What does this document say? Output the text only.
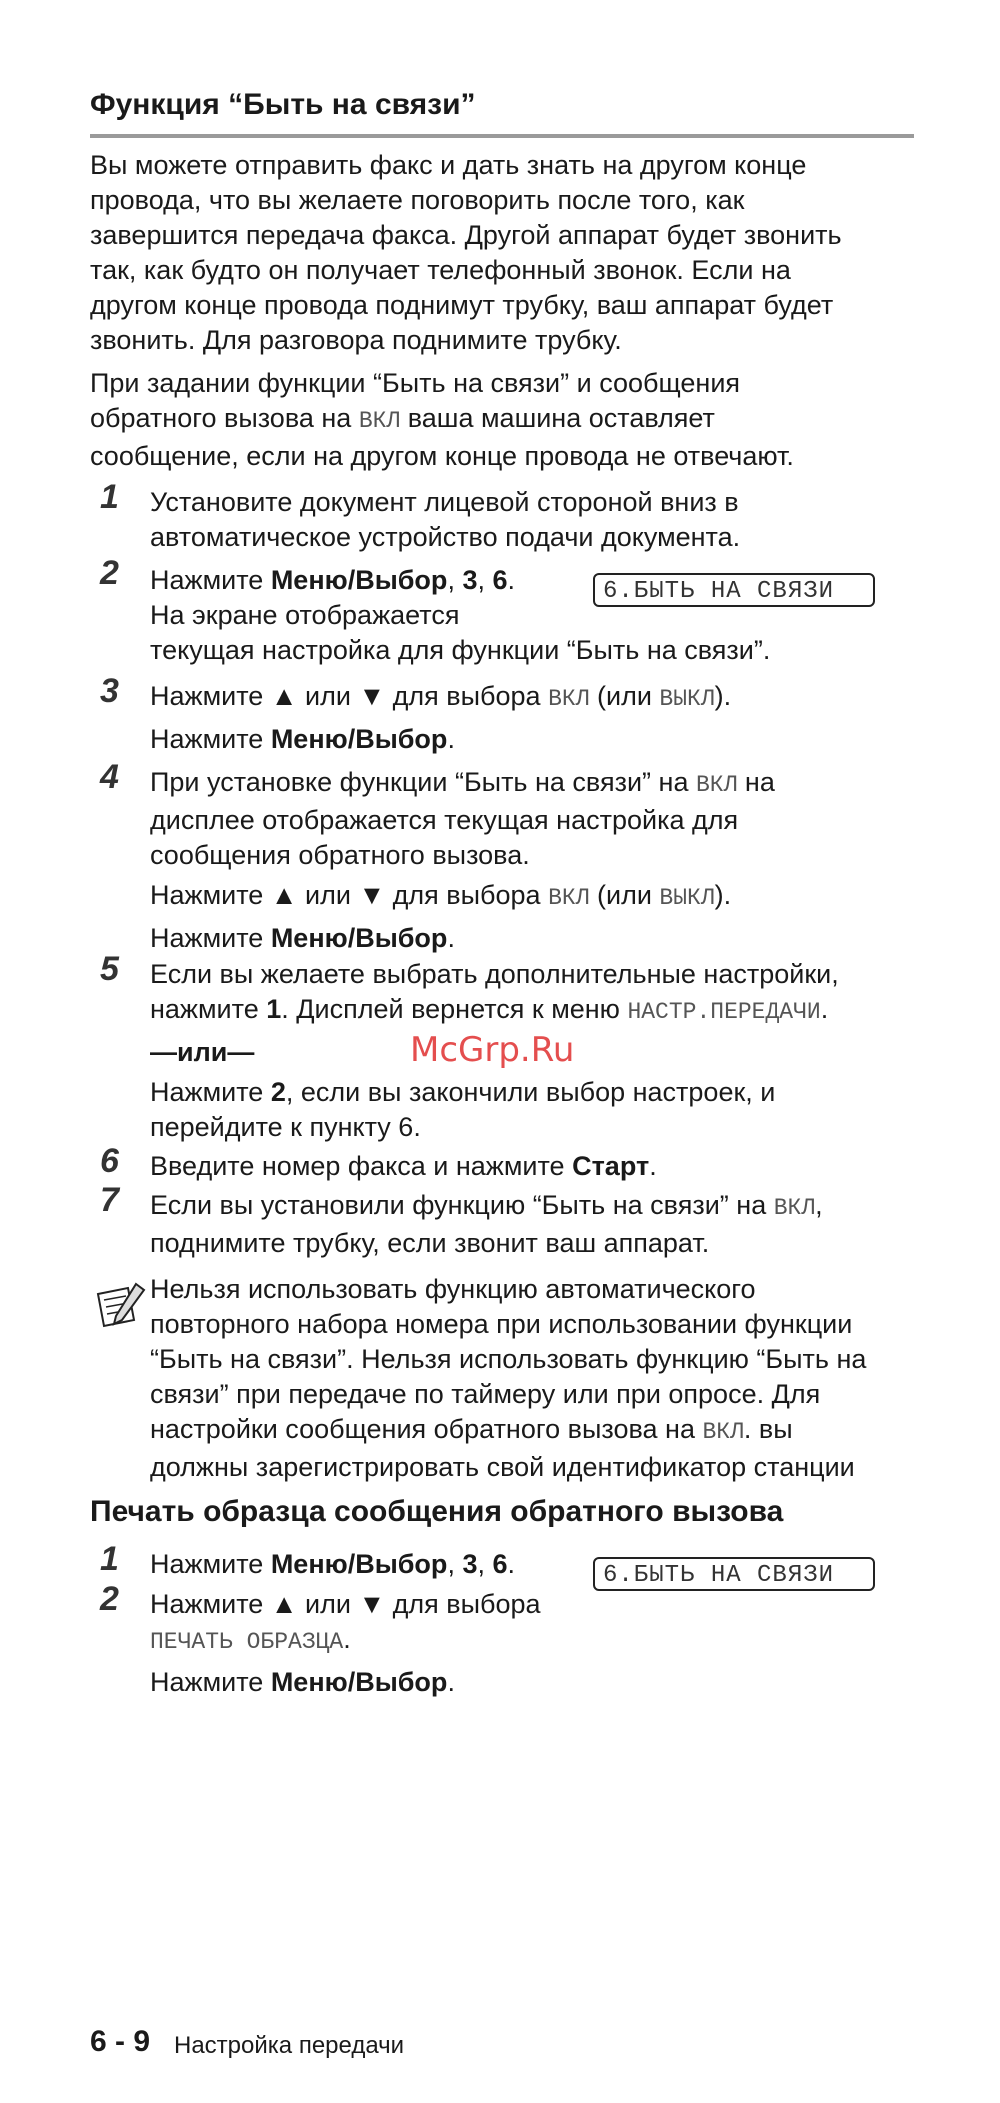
Функция “Быть на связи”
Вы можете отправить факс и дать знать на другом конце
провода, что вы желаете поговорить после того, как
завершится передача факса. Другой аппарат будет звонить
так, как будто он получает телефонный звонок. Если на
другом конце провода поднимут трубку, ваш аппарат будет
звонить. Для разговора поднимите трубку.
При задании функции “Быть на связи” и сообщения
обратного вызова на ВКЛ ваша машина оставляет
сообщение, если на другом конце провода не отвечают.
1 Установите документ лицевой стороной вниз в
автоматическое устройство подачи документа.
2 Нажмите Меню/Выбор, 3, 6.
На экране отображается
текущая настройка для функции “Быть на связи”.
6.БЫТЬ НА СВЯЗИ
3 Нажмите ▲ или ▼ для выбора ВКЛ (или ВЫКЛ).
Нажмите Меню/Выбор.
4 При установке функции “Быть на связи” на ВКЛ на
дисплее отображается текущая настройка для
сообщения обратного вызова.
Нажмите ▲ или ▼ для выбора ВКЛ (или ВЫКЛ).
Нажмите Меню/Выбор.
5 Если вы желаете выбрать дополнительные настройки,
нажмите 1. Дисплей вернется к меню НАСТР.ПЕРЕДАЧИ.
—или—
Нажмите 2, если вы закончили выбор настроек, и
перейдите к пункту 6.
6 Введите номер факса и нажмите Старт.
7 Если вы установили функцию “Быть на связи” на ВКЛ,
поднимите трубку, если звонит ваш аппарат.
Нельзя использовать функцию автоматического
повторного набора номера при использовании функции
“Быть на связи”. Нельзя использовать функцию “Быть на
связи” при передаче по таймеру или при опросе. Для
настройки сообщения обратного вызова на ВКЛ. вы
должны зарегистрировать свой идентификатор станции
Печать образца сообщения обратного вызова
1 Нажмите Меню/Выбор, 3, 6.	6.БЫТЬ НА СВЯЗИ
2 Нажмите ▲ или ▼ для выбора
ПЕЧАТЬ ОБРАЗЦА.
Нажмите Меню/Выбор.
McGrp.Ru
6 - 9 Настройка передачи
